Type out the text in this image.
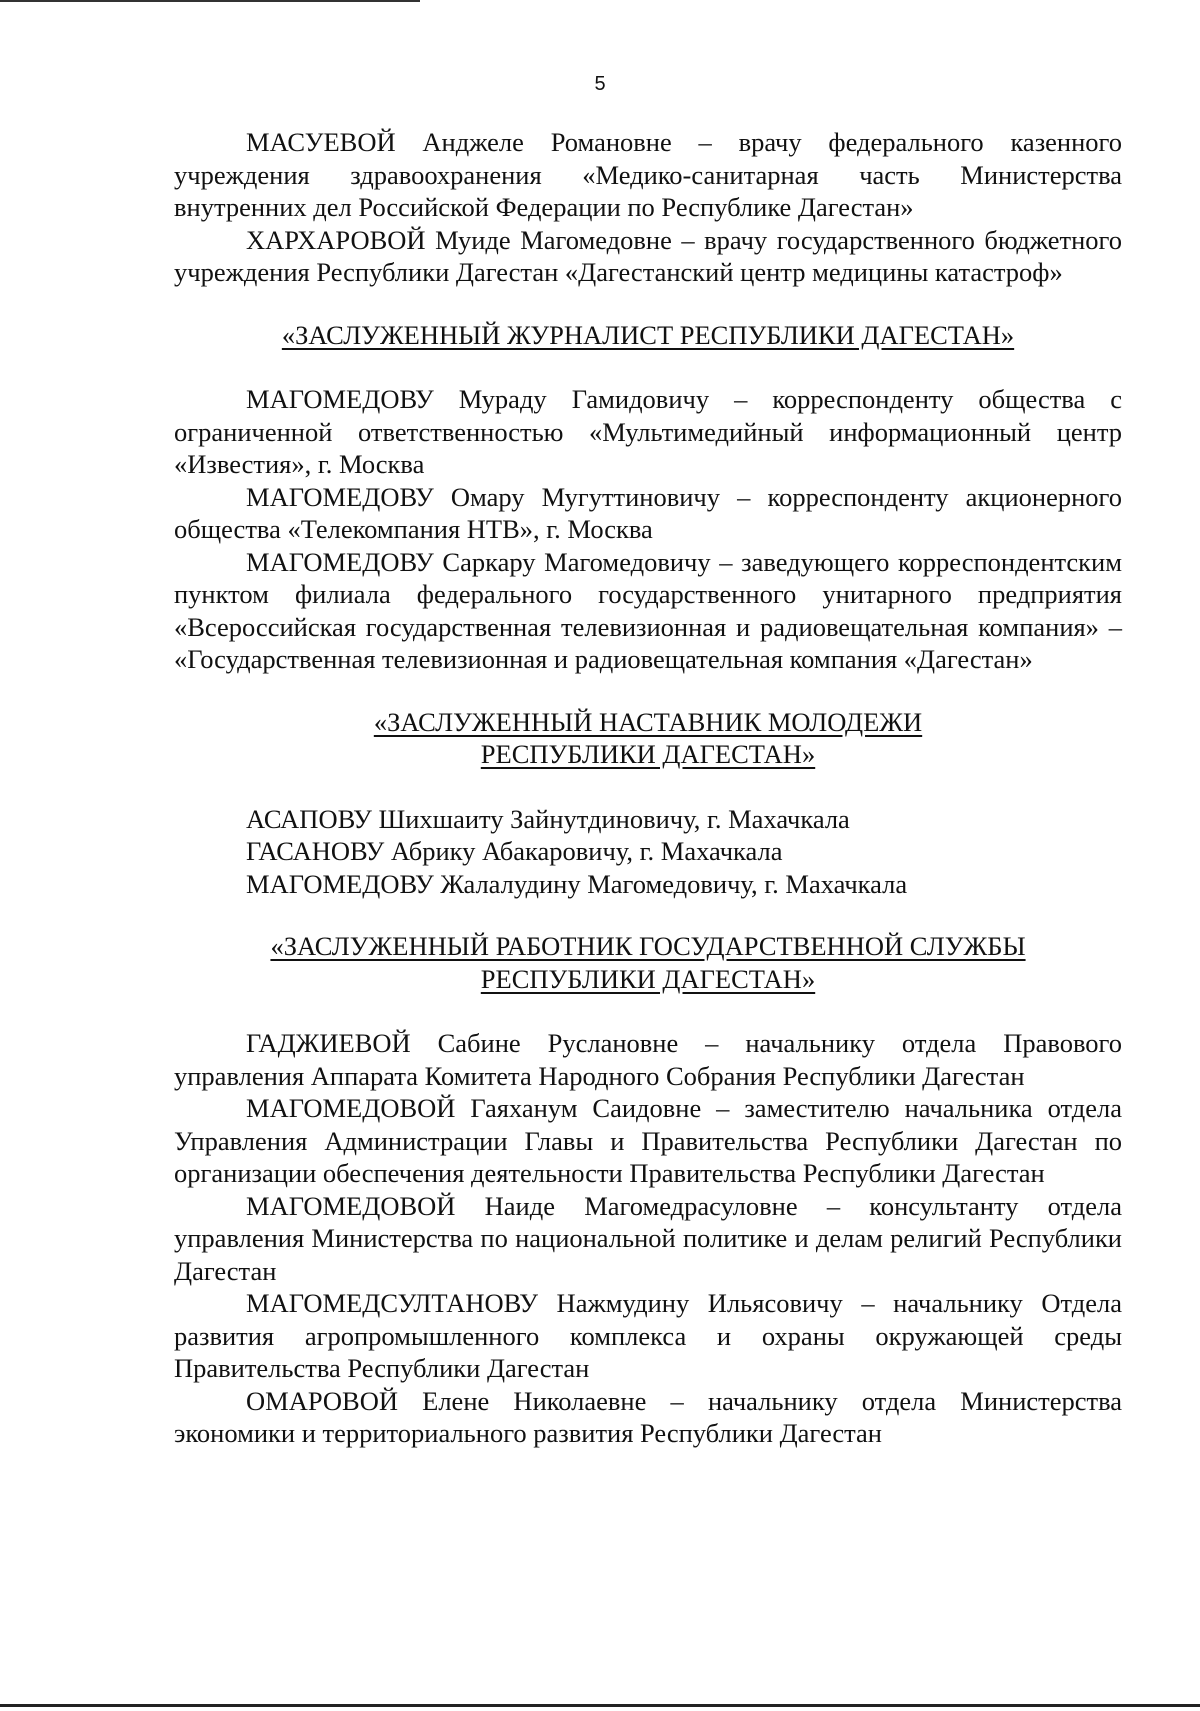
5

МАСУЕВОЙ Анджеле Романовне – врачу федерального казенного учреждения здравоохранения «Медико-санитарная часть Министерства внутренних дел Российской Федерации по Республике Дагестан»

ХАРХАРОВОЙ Муиде Магомедовне – врачу государственного бюджетного учреждения Республики Дагестан «Дагестанский центр медицины катастроф»

«ЗАСЛУЖЕННЫЙ ЖУРНАЛИСТ РЕСПУБЛИКИ ДАГЕСТАН»

МАГОМЕДОВУ Мураду Гамидовичу – корреспонденту общества с ограниченной ответственностью «Мультимедийный информационный центр «Известия», г. Москва

МАГОМЕДОВУ Омару Мугуттиновичу – корреспонденту акционерного общества «Телекомпания НТВ», г. Москва

МАГОМЕДОВУ Саркару Магомедовичу – заведующего корреспондентским пунктом филиала федерального государственного унитарного предприятия «Всероссийская государственная телевизионная и радиовещательная компания» – «Государственная телевизионная и радиовещательная компания «Дагестан»

«ЗАСЛУЖЕННЫЙ НАСТАВНИК МОЛОДЕЖИ
РЕСПУБЛИКИ ДАГЕСТАН»

АСАПОВУ Шихшаиту Зайнутдиновичу, г. Махачкала

ГАСАНОВУ Абрику Абакаровичу, г. Махачкала

МАГОМЕДОВУ Жалалудину Магомедовичу, г. Махачкала

«ЗАСЛУЖЕННЫЙ РАБОТНИК ГОСУДАРСТВЕННОЙ СЛУЖБЫ
РЕСПУБЛИКИ ДАГЕСТАН»

ГАДЖИЕВОЙ Сабине Руслановне – начальнику отдела Правового управления Аппарата Комитета Народного Собрания Республики Дагестан

МАГОМЕДОВОЙ Гаяханум Саидовне – заместителю начальника отдела Управления Администрации Главы и Правительства Республики Дагестан по организации обеспечения деятельности Правительства Республики Дагестан

МАГОМЕДОВОЙ Наиде Магомедрасуловне – консультанту отдела управления Министерства по национальной политике и делам религий Республики Дагестан

МАГОМЕДСУЛТАНОВУ Нажмудину Ильясовичу – начальнику Отдела развития агропромышленного комплекса и охраны окружающей среды Правительства Республики Дагестан

ОМАРОВОЙ Елене Николаевне – начальнику отдела Министерства экономики и территориального развития Республики Дагестан
